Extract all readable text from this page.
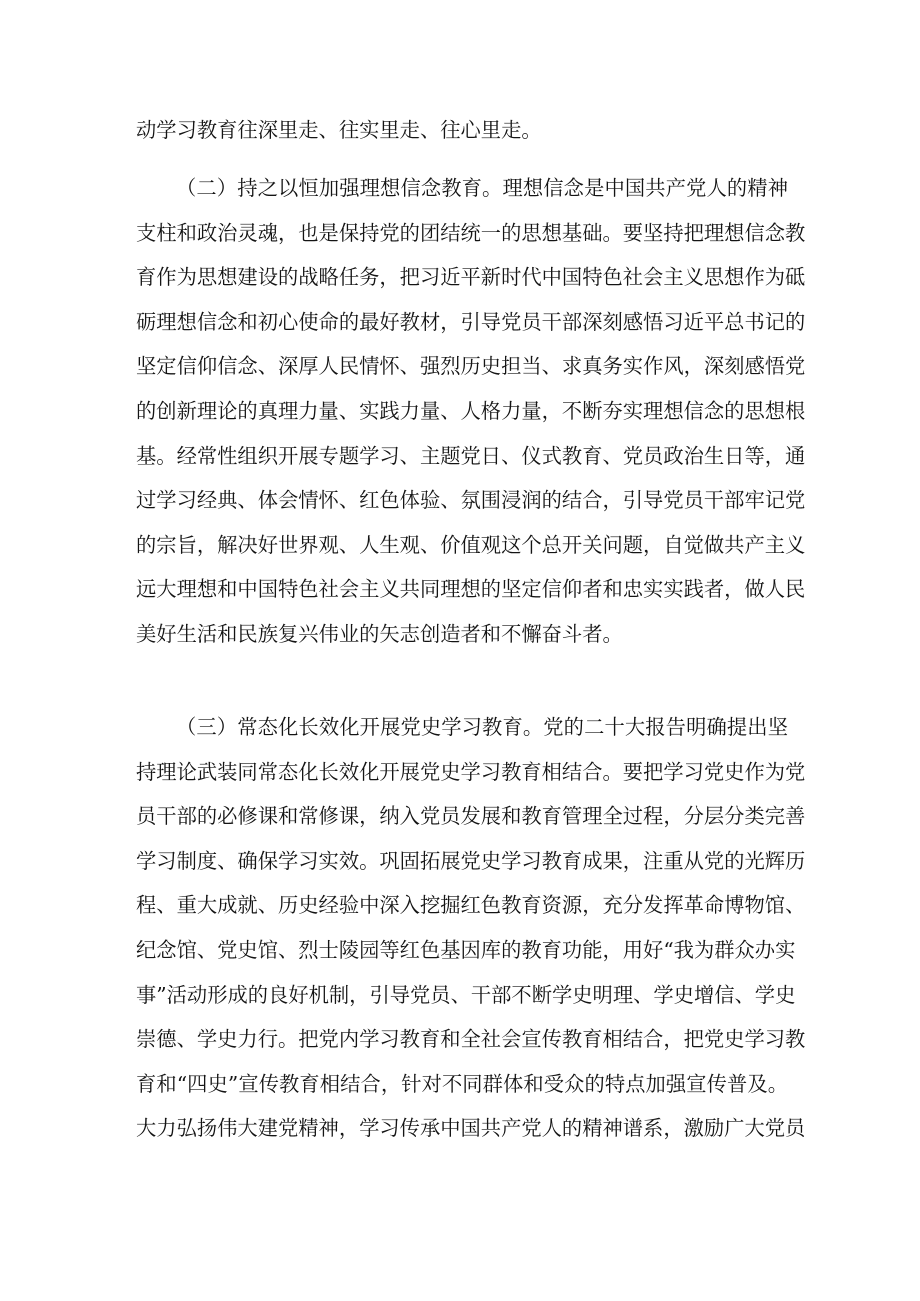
动学习教育往深里走、往实里走、往心里走。
（二）持之以恒加强理想信念教育。理想信念是中国共产党人的精神
支柱和政治灵魂，也是保持党的团结统一的思想基础。要坚持把理想信念教
育作为思想建设的战略任务，把习近平新时代中国特色社会主义思想作为砥
砺理想信念和初心使命的最好教材，引导党员干部深刻感悟习近平总书记的
坚定信仰信念、深厚人民情怀、强烈历史担当、求真务实作风，深刻感悟党
的创新理论的真理力量、实践力量、人格力量，不断夯实理想信念的思想根
基。经常性组织开展专题学习、主题党日、仪式教育、党员政治生日等，通
过学习经典、体会情怀、红色体验、氛围浸润的结合，引导党员干部牢记党
的宗旨，解决好世界观、人生观、价值观这个总开关问题，自觉做共产主义
远大理想和中国特色社会主义共同理想的坚定信仰者和忠实实践者，做人民
美好生活和民族复兴伟业的矢志创造者和不懈奋斗者。
（三）常态化长效化开展党史学习教育。党的二十大报告明确提出坚
持理论武装同常态化长效化开展党史学习教育相结合。要把学习党史作为党
员干部的必修课和常修课，纳入党员发展和教育管理全过程，分层分类完善
学习制度、确保学习实效。巩固拓展党史学习教育成果，注重从党的光辉历
程、重大成就、历史经验中深入挖掘红色教育资源，充分发挥革命博物馆、
纪念馆、党史馆、烈士陵园等红色基因库的教育功能，用好“我为群众办实
事”活动形成的良好机制，引导党员、干部不断学史明理、学史增信、学史
崇德、学史力行。把党内学习教育和全社会宣传教育相结合，把党史学习教
育和“四史”宣传教育相结合，针对不同群体和受众的特点加强宣传普及。
大力弘扬伟大建党精神，学习传承中国共产党人的精神谱系，激励广大党员
